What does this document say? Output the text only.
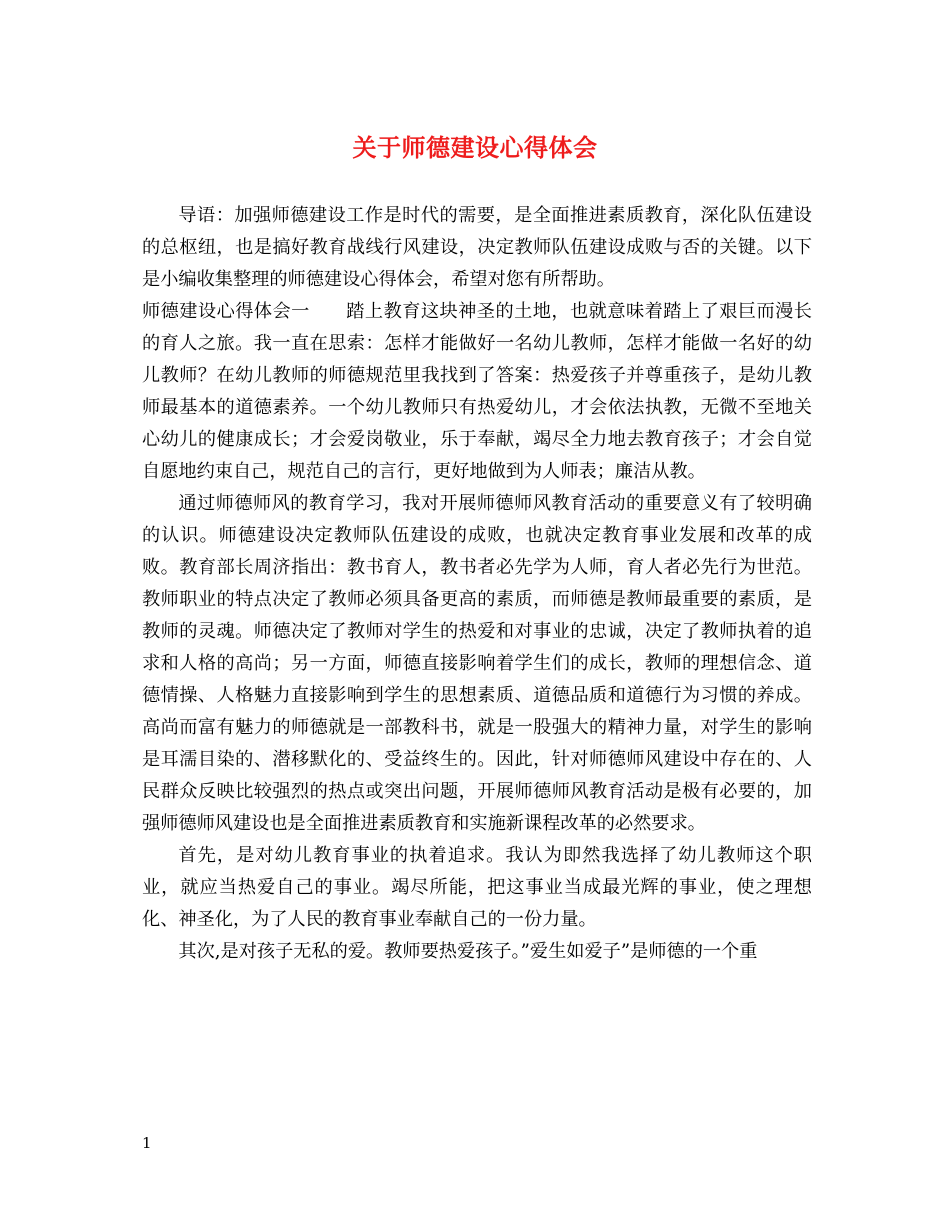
关于师德建设心得体会

导语：加强师德建设工作是时代的需要，是全面推进素质教育，深化队伍建设的总枢纽，也是搞好教育战线行风建设，决定教师队伍建设成败与否的关键。以下是小编收集整理的师德建设心得体会，希望对您有所帮助。

师德建设心得体会一 踏上教育这块神圣的土地，也就意味着踏上了艰巨而漫长的育人之旅。我一直在思索：怎样才能做好一名幼儿教师，怎样才能做一名好的幼儿教师？在幼儿教师的师德规范里我找到了答案：热爱孩子并尊重孩子，是幼儿教师最基本的道德素养。一个幼儿教师只有热爱幼儿，才会依法执教，无微不至地关心幼儿的健康成长；才会爱岗敬业，乐于奉献，竭尽全力地去教育孩子；才会自觉自愿地约束自己，规范自己的言行，更好地做到为人师表；廉洁从教。

通过师德师风的教育学习，我对开展师德师风教育活动的重要意义有了较明确的认识。师德建设决定教师队伍建设的成败，也就决定教育事业发展和改革的成败。教育部长周济指出：教书育人，教书者必先学为人师，育人者必先行为世范。教师职业的特点决定了教师必须具备更高的素质，而师德是教师最重要的素质，是教师的灵魂。师德决定了教师对学生的热爱和对事业的忠诚，决定了教师执着的追求和人格的高尚；另一方面，师德直接影响着学生们的成长，教师的理想信念、道德情操、人格魅力直接影响到学生的思想素质、道德品质和道德行为习惯的养成。高尚而富有魅力的师德就是一部教科书，就是一股强大的精神力量，对学生的影响是耳濡目染的、潜移默化的、受益终生的。因此，针对师德师风建设中存在的、人民群众反映比较强烈的热点或突出问题，开展师德师风教育活动是极有必要的，加强师德师风建设也是全面推进素质教育和实施新课程改革的必然要求。

首先，是对幼儿教育事业的执着追求。我认为即然我选择了幼儿教师这个职业，就应当热爱自己的事业。竭尽所能，把这事业当成最光辉的事业，使之理想化、神圣化，为了人民的教育事业奉献自己的一份力量。

其次,是对孩子无私的爱。教师要热爱孩子。”爱生如爱子”是师德的一个重

1
